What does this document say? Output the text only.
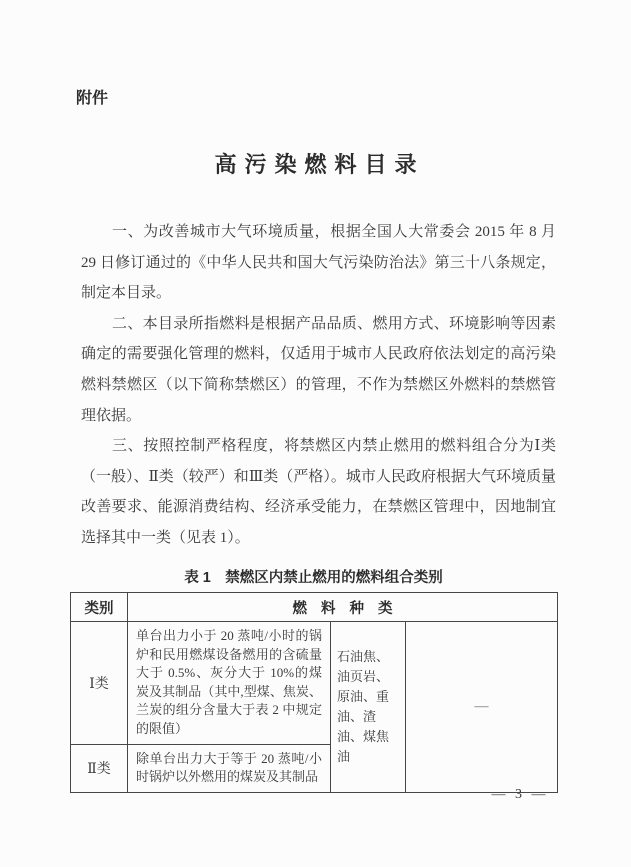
附件
高污染燃料目录

一、为改善城市大气环境质量，根据全国人大常委会 2015 年 8 月 29 日修订通过的《中华人民共和国大气污染防治法》第三十八条规定，制定本目录。

二、本目录所指燃料是根据产品品质、燃用方式、环境影响等因素确定的需要强化管理的燃料，仅适用于城市人民政府依法划定的高污染燃料禁燃区（以下简称禁燃区）的管理，不作为禁燃区外燃料的禁燃管理依据。

三、按照控制严格程度，将禁燃区内禁止燃用的燃料组合分为Ⅰ类（一般）、Ⅱ类（较严）和Ⅲ类（严格）。城市人民政府根据大气环境质量改善要求、能源消费结构、经济承受能力，在禁燃区管理中，因地制宜选择其中一类（见表 1）。

表 1　禁燃区内禁止燃用的燃料组合类别
类别	燃料种类		
Ⅰ类	单台出力小于 20 蒸吨/小时的锅炉和民用燃煤设备燃用的含硫量大于 0.5%、灰分大于 10%的煤炭及其制品（其中,型煤、焦炭、兰炭的组分含量大于表 2 中规定的限值）	石油焦、油页岩、原油、重油、渣油、煤焦油	—
Ⅱ类	除单台出力大于等于 20 蒸吨/小时锅炉以外燃用的煤炭及其制品		
— 3 —
